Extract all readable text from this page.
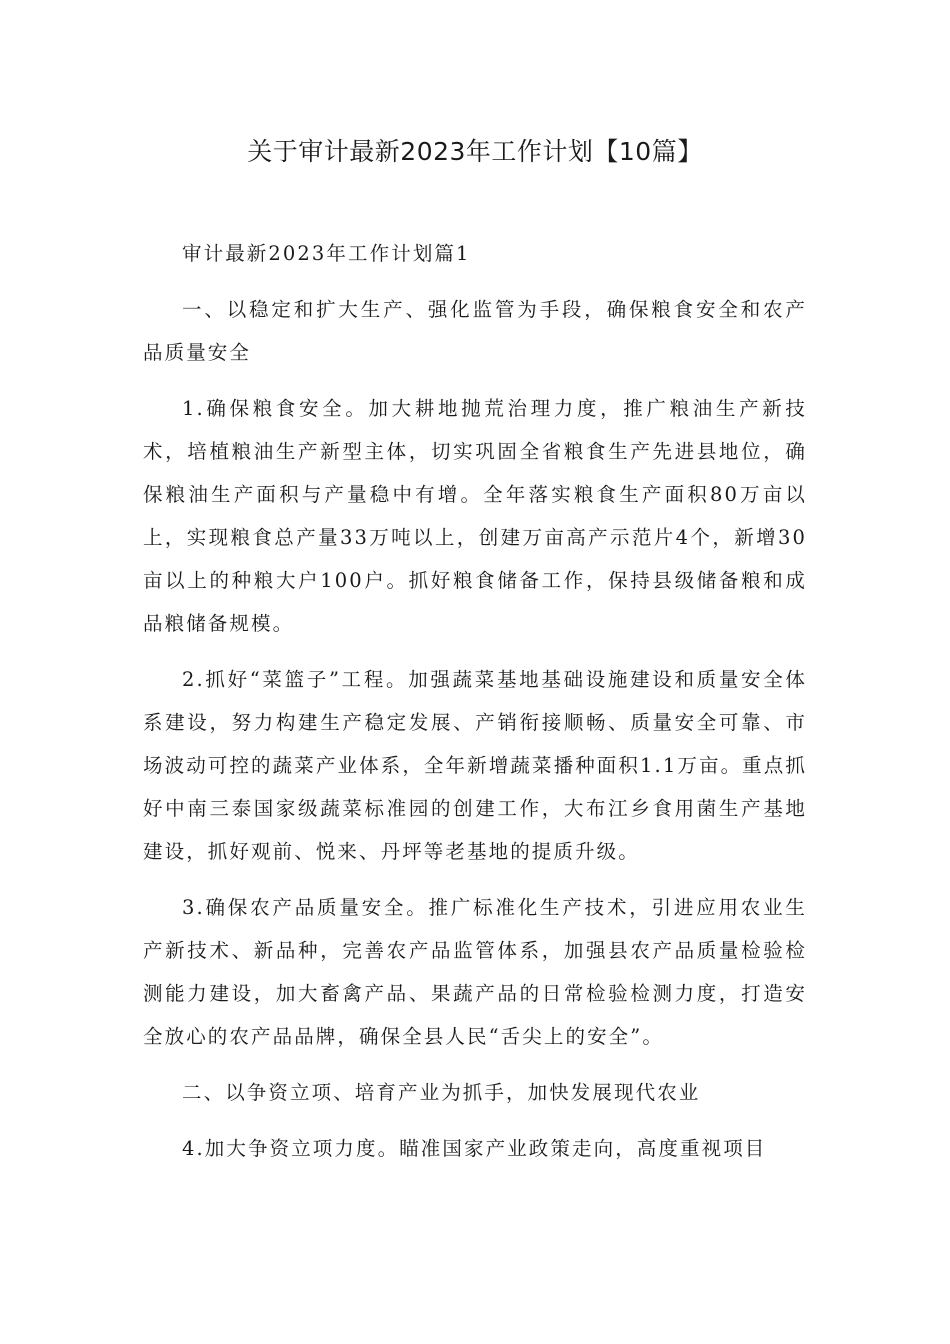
关于审计最新2023年工作计划【10篇】

审计最新2023年工作计划篇1

一、以稳定和扩大生产、强化监管为手段，确保粮食安全和农产品质量安全

1.确保粮食安全。加大耕地抛荒治理力度，推广粮油生产新技术，培植粮油生产新型主体，切实巩固全省粮食生产先进县地位，确保粮油生产面积与产量稳中有增。全年落实粮食生产面积80万亩以上，实现粮食总产量33万吨以上，创建万亩高产示范片4个，新增30亩以上的种粮大户100户。抓好粮食储备工作，保持县级储备粮和成品粮储备规模。

2.抓好“菜篮子”工程。加强蔬菜基地基础设施建设和质量安全体系建设，努力构建生产稳定发展、产销衔接顺畅、质量安全可靠、市场波动可控的蔬菜产业体系，全年新增蔬菜播种面积1.1万亩。重点抓好中南三泰国家级蔬菜标准园的创建工作，大布江乡食用菌生产基地建设，抓好观前、悦来、丹坪等老基地的提质升级。

3.确保农产品质量安全。推广标准化生产技术，引进应用农业生产新技术、新品种，完善农产品监管体系，加强县农产品质量检验检测能力建设，加大畜禽产品、果蔬产品的日常检验检测力度，打造安全放心的农产品品牌，确保全县人民“舌尖上的安全”。

二、以争资立项、培育产业为抓手，加快发展现代农业

4.加大争资立项力度。瞄准国家产业政策走向，高度重视项目
